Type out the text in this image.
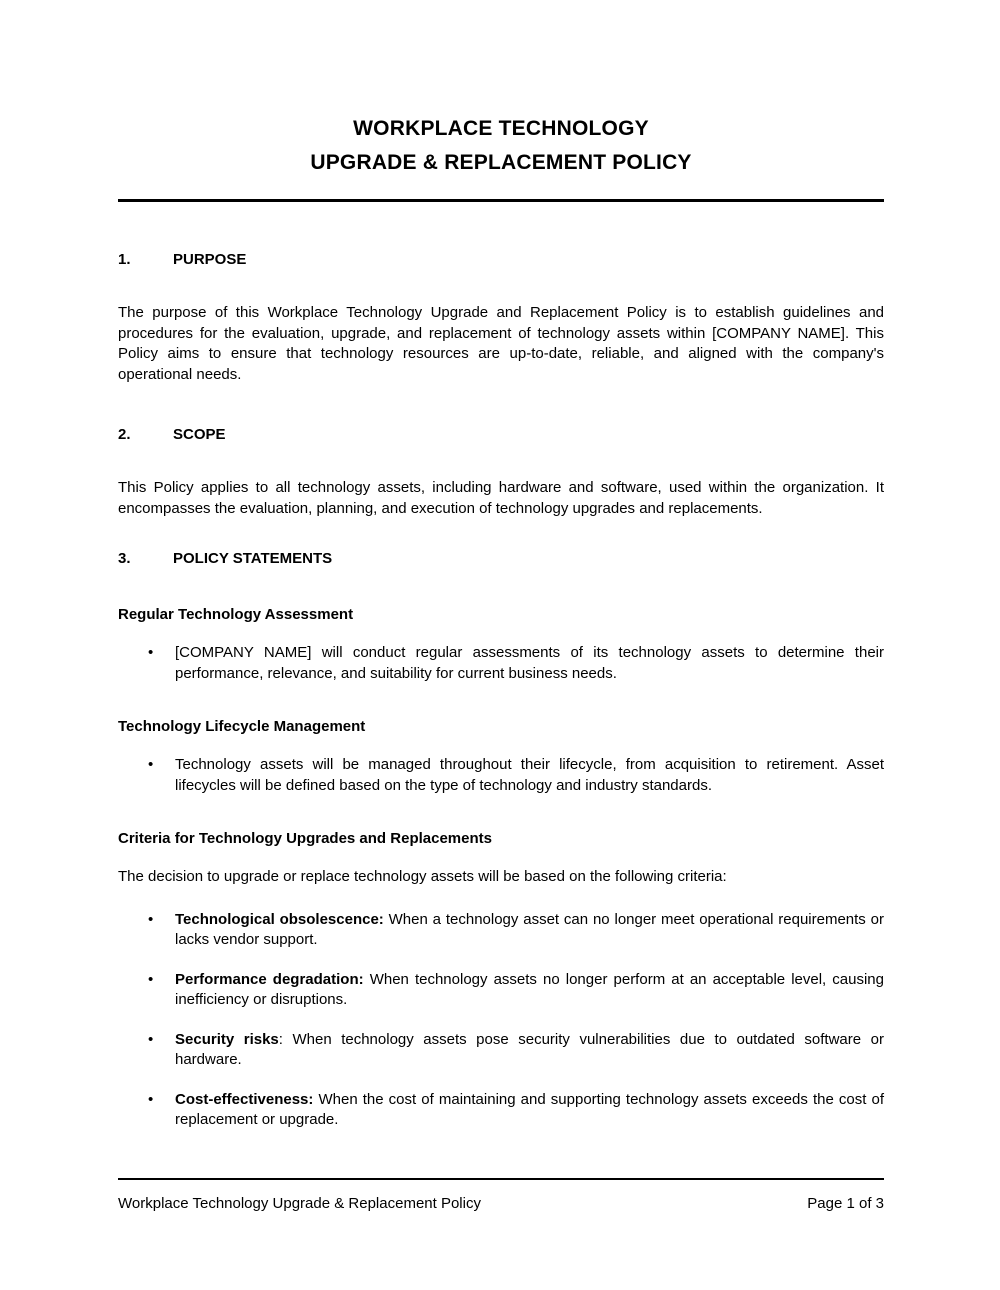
WORKPLACE TECHNOLOGY
UPGRADE & REPLACEMENT POLICY
1.	PURPOSE

The purpose of this Workplace Technology Upgrade and Replacement Policy is to establish guidelines and procedures for the evaluation, upgrade, and replacement of technology assets within [COMPANY NAME]. This Policy aims to ensure that technology resources are up-to-date, reliable, and aligned with the company's operational needs.

2.	SCOPE

This Policy applies to all technology assets, including hardware and software, used within the organization. It encompasses the evaluation, planning, and execution of technology upgrades and replacements.

3.	POLICY STATEMENTS

Regular Technology Assessment

• [COMPANY NAME] will conduct regular assessments of its technology assets to determine their performance, relevance, and suitability for current business needs.

Technology Lifecycle Management

• Technology assets will be managed throughout their lifecycle, from acquisition to retirement. Asset lifecycles will be defined based on the type of technology and industry standards.

Criteria for Technology Upgrades and Replacements

The decision to upgrade or replace technology assets will be based on the following criteria:

• Technological obsolescence: When a technology asset can no longer meet operational requirements or lacks vendor support.
• Performance degradation: When technology assets no longer perform at an acceptable level, causing inefficiency or disruptions.
• Security risks: When technology assets pose security vulnerabilities due to outdated software or hardware.
• Cost-effectiveness: When the cost of maintaining and supporting technology assets exceeds the cost of replacement or upgrade.
Workplace Technology Upgrade & Replacement Policy	Page 1 of 3
